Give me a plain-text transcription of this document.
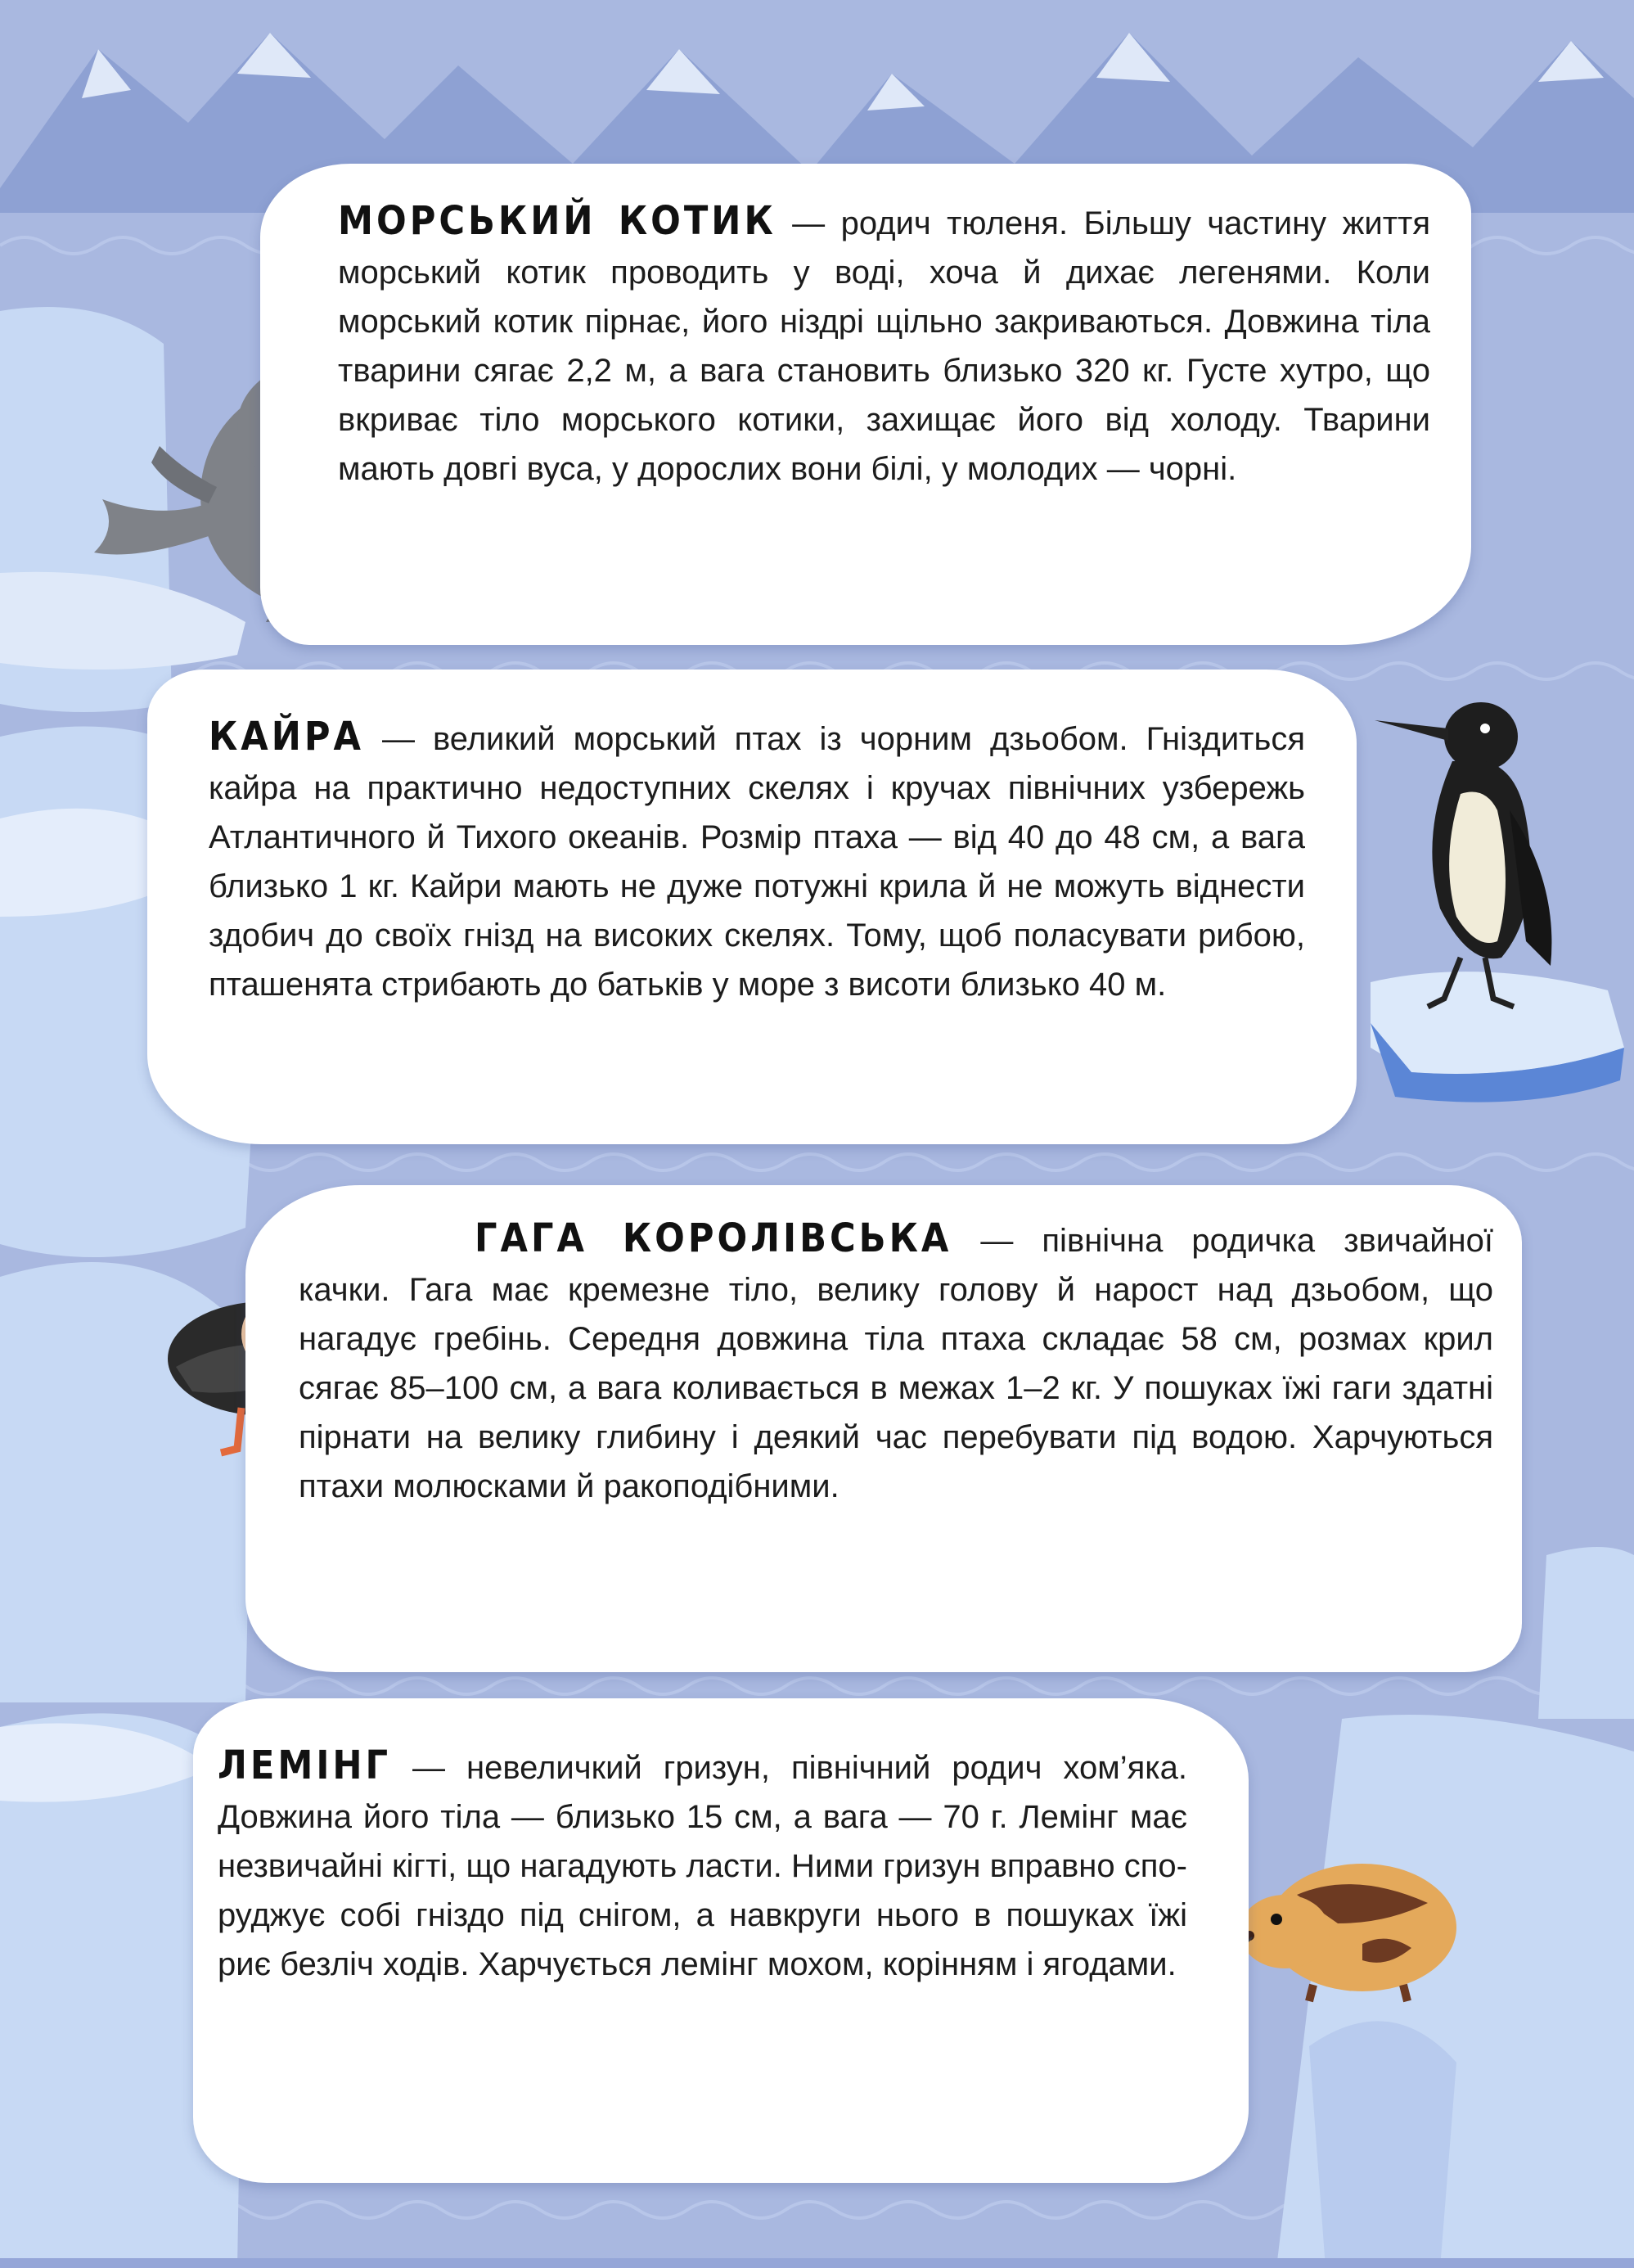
МОРСЬКИЙ КОТИК — родич тюленя. Більшу частину життя морський котик проводить у воді, хоча й дихає легенями. Коли морський котик пірнає, його ніздрі щільно закриваються. Довжина тіла тварини сягає 2,2 м, а вага становить близько 320 кг. Густе хутро, що вкриває тіло морського котики, захищає його від холоду. Тварини мають довгі вуса, у дорослих вони білі, у молодих — чорні.
КАЙРА — великий морський птах із чорним дзьобом. Гніздиться кайра на практично недоступних скелях і кручах північних узбережь Атлантичного й Тихого океанів. Розмір птаха — від 40 до 48 см, а вага близько 1 кг. Кайри мають не дуже потужні крила й не можуть віднести здобич до своїх гнізд на високих скелях. Тому, щоб поласувати рибою, пташенята стрибають до батьків у море з висоти близько 40 м.
ГАГА КОРОЛІВСЬКА — північна родичка звичайної качки. Гага має кремезне тіло, велику голову й нарост над дзьобом, що нагадує гребінь. Середня довжина тіла птаха складає 58 см, розмах крил сягає 85–100 см, а вага коливається в межах 1–2 кг. У пошуках їжі гаги здатні пірнати на велику глибину і деякий час перебувати під водою. Харчуються птахи молюсками й ракоподібними.
ЛЕМІНГ — невеличкий гризун, північний родич хом’яка. Довжина його тіла — близько 15 см, а вага — 70 г. Лемінг має незвичайні кігті, що нагадують ласти. Ними гризун вправно споруджує собі гніздо під снігом, а навкруги нього в пошуках їжі риє безліч ходів. Харчується лемінг мохом, корінням і ягодами.
